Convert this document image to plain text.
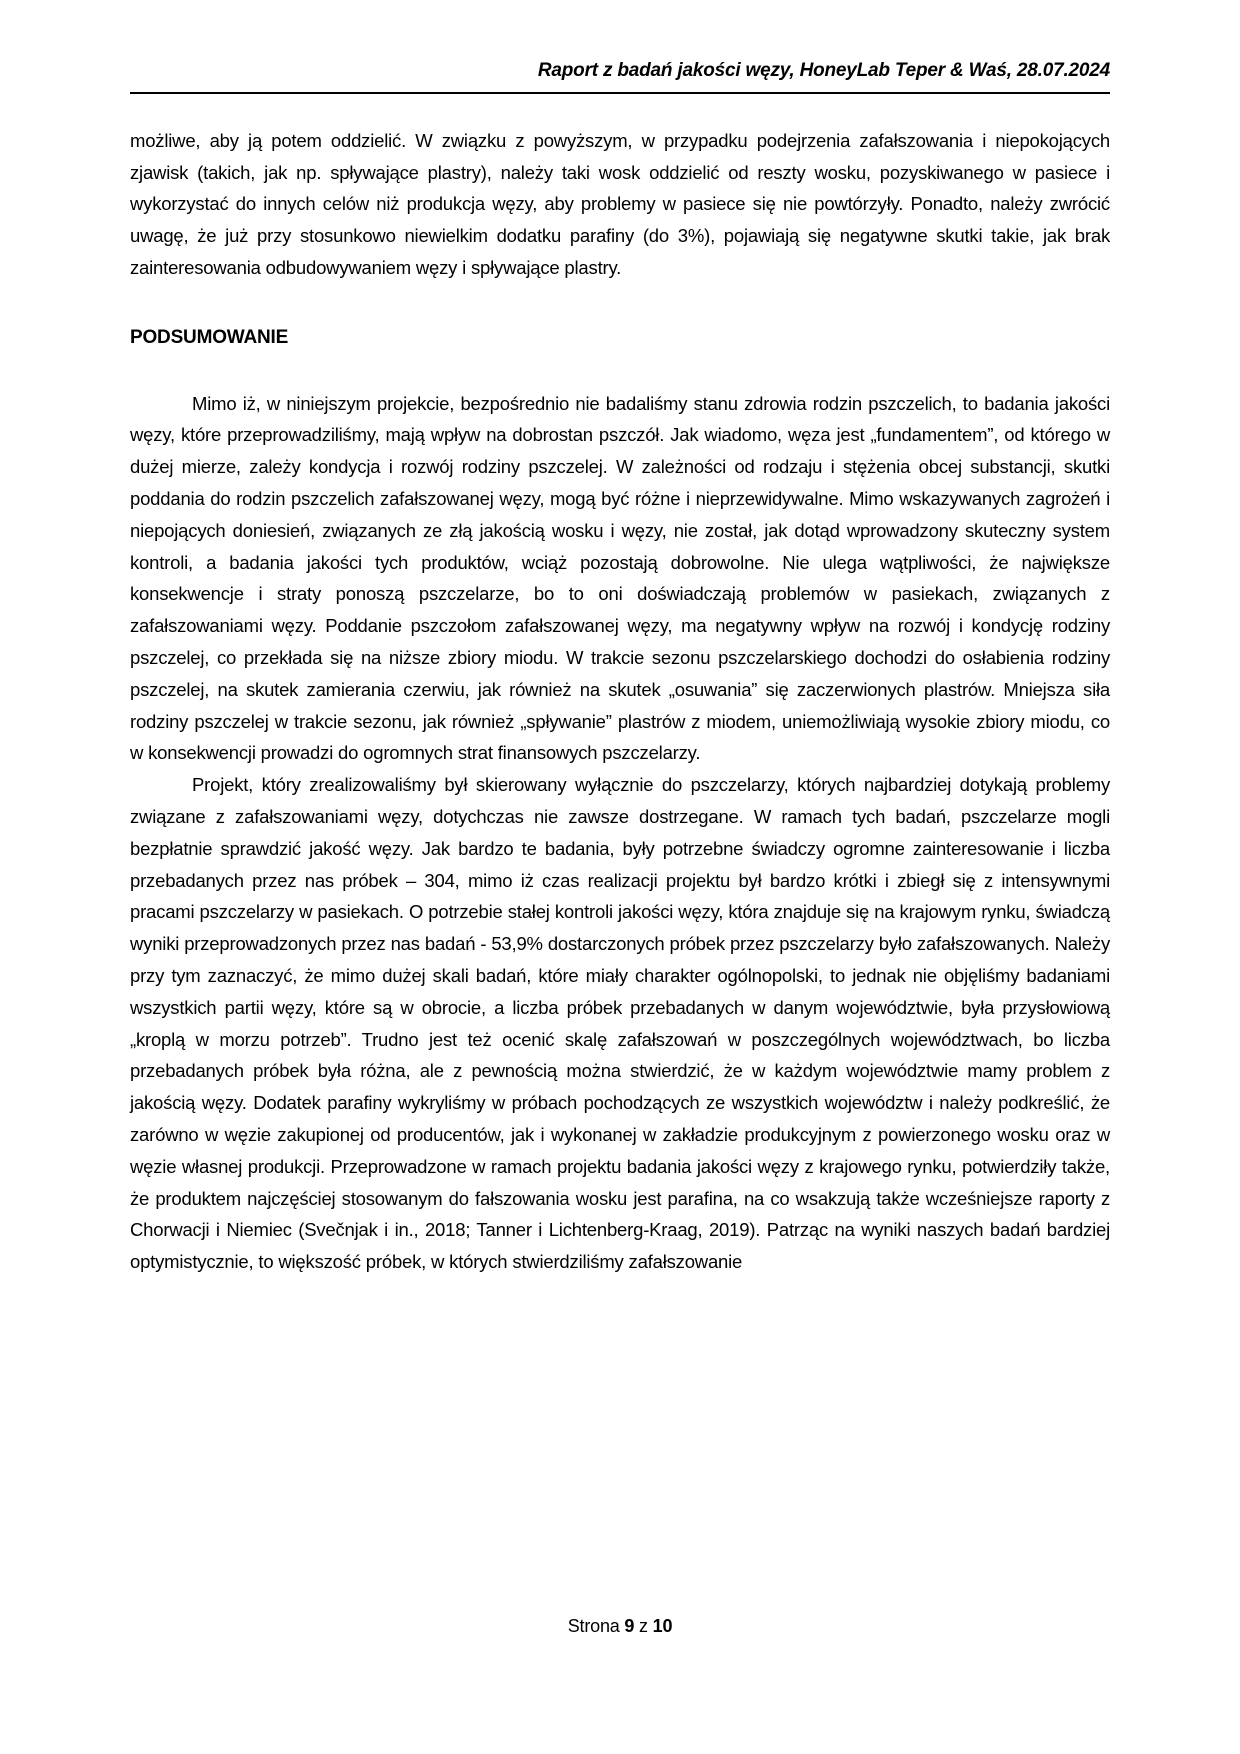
Raport z badań jakości węzy, HoneyLab Teper & Waś, 28.07.2024

możliwe, aby ją potem oddzielić. W związku z powyższym, w przypadku podejrzenia zafałszowania i niepokojących zjawisk (takich, jak np. spływające plastry), należy taki wosk oddzielić od reszty wosku, pozyskiwanego w pasiece i wykorzystać do innych celów niż produkcja węzy, aby problemy w pasiece się nie powtórzyły. Ponadto, należy zwrócić uwagę, że już przy stosunkowo niewielkim dodatku parafiny (do 3%), pojawiają się negatywne skutki takie, jak brak zainteresowania odbudowywaniem węzy i spływające plastry.

PODSUMOWANIE

Mimo iż, w niniejszym projekcie, bezpośrednio nie badaliśmy stanu zdrowia rodzin pszczelich, to badania jakości węzy, które przeprowadziliśmy, mają wpływ na dobrostan pszczół. Jak wiadomo, węza jest „fundamentem”, od którego w dużej mierze, zależy kondycja i rozwój rodziny pszczelej. W zależności od rodzaju i stężenia obcej substancji, skutki poddania do rodzin pszczelich zafałszowanej węzy, mogą być różne i nieprzewidywalne. Mimo wskazywanych zagrożeń i niepojących doniesień, związanych ze złą jakością wosku i węzy, nie został, jak dotąd wprowadzony skuteczny system kontroli, a badania jakości tych produktów, wciąż pozostają dobrowolne. Nie ulega wątpliwości, że największe konsekwencje i straty ponoszą pszczelarze, bo to oni doświadczają problemów w pasiekach, związanych z zafałszowaniami węzy. Poddanie pszczołom zafałszowanej węzy, ma negatywny wpływ na rozwój i kondycję rodziny pszczelej, co przekłada się na niższe zbiory miodu. W trakcie sezonu pszczelarskiego dochodzi do osłabienia rodziny pszczelej, na skutek zamierania czerwiu, jak również na skutek „osuwania” się zaczerwionych plastrów. Mniejsza siła rodziny pszczelej w trakcie sezonu, jak również „spływanie” plastrów z miodem, uniemożliwiają wysokie zbiory miodu, co w konsekwencji prowadzi do ogromnych strat finansowych pszczelarzy.

Projekt, który zrealizowaliśmy był skierowany wyłącznie do pszczelarzy, których najbardziej dotykają problemy związane z zafałszowaniami węzy, dotychczas nie zawsze dostrzegane. W ramach tych badań, pszczelarze mogli bezpłatnie sprawdzić jakość węzy. Jak bardzo te badania, były potrzebne świadczy ogromne zainteresowanie i liczba przebadanych przez nas próbek – 304, mimo iż czas realizacji projektu był bardzo krótki i zbiegł się z intensywnymi pracami pszczelarzy w pasiekach. O potrzebie stałej kontroli jakości węzy, która znajduje się na krajowym rynku, świadczą wyniki przeprowadzonych przez nas badań - 53,9% dostarczonych próbek przez pszczelarzy było zafałszowanych. Należy przy tym zaznaczyć, że mimo dużej skali badań, które miały charakter ogólnopolski, to jednak nie objęliśmy badaniami wszystkich partii węzy, które są w obrocie, a liczba próbek przebadanych w danym województwie, była przysłowiową „kroplą w morzu potrzeb”. Trudno jest też ocenić skalę zafałszowań w poszczególnych województwach, bo liczba przebadanych próbek była różna, ale z pewnością można stwierdzić, że w każdym województwie mamy problem z jakością węzy. Dodatek parafiny wykryliśmy w próbach pochodzących ze wszystkich województw i należy podkreślić, że zarówno w węzie zakupionej od producentów, jak i wykonanej w zakładzie produkcyjnym z powierzonego wosku oraz w węzie własnej produkcji. Przeprowadzone w ramach projektu badania jakości węzy z krajowego rynku, potwierdziły także, że produktem najczęściej stosowanym do fałszowania wosku jest parafina, na co wsakzują także wcześniejsze raporty z Chorwacji i Niemiec (Svečnjak i in., 2018; Tanner i Lichtenberg-Kraag, 2019). Patrząc na wyniki naszych badań bardziej optymistycznie, to większość próbek, w których stwierdziliśmy zafałszowanie

Strona 9 z 10
